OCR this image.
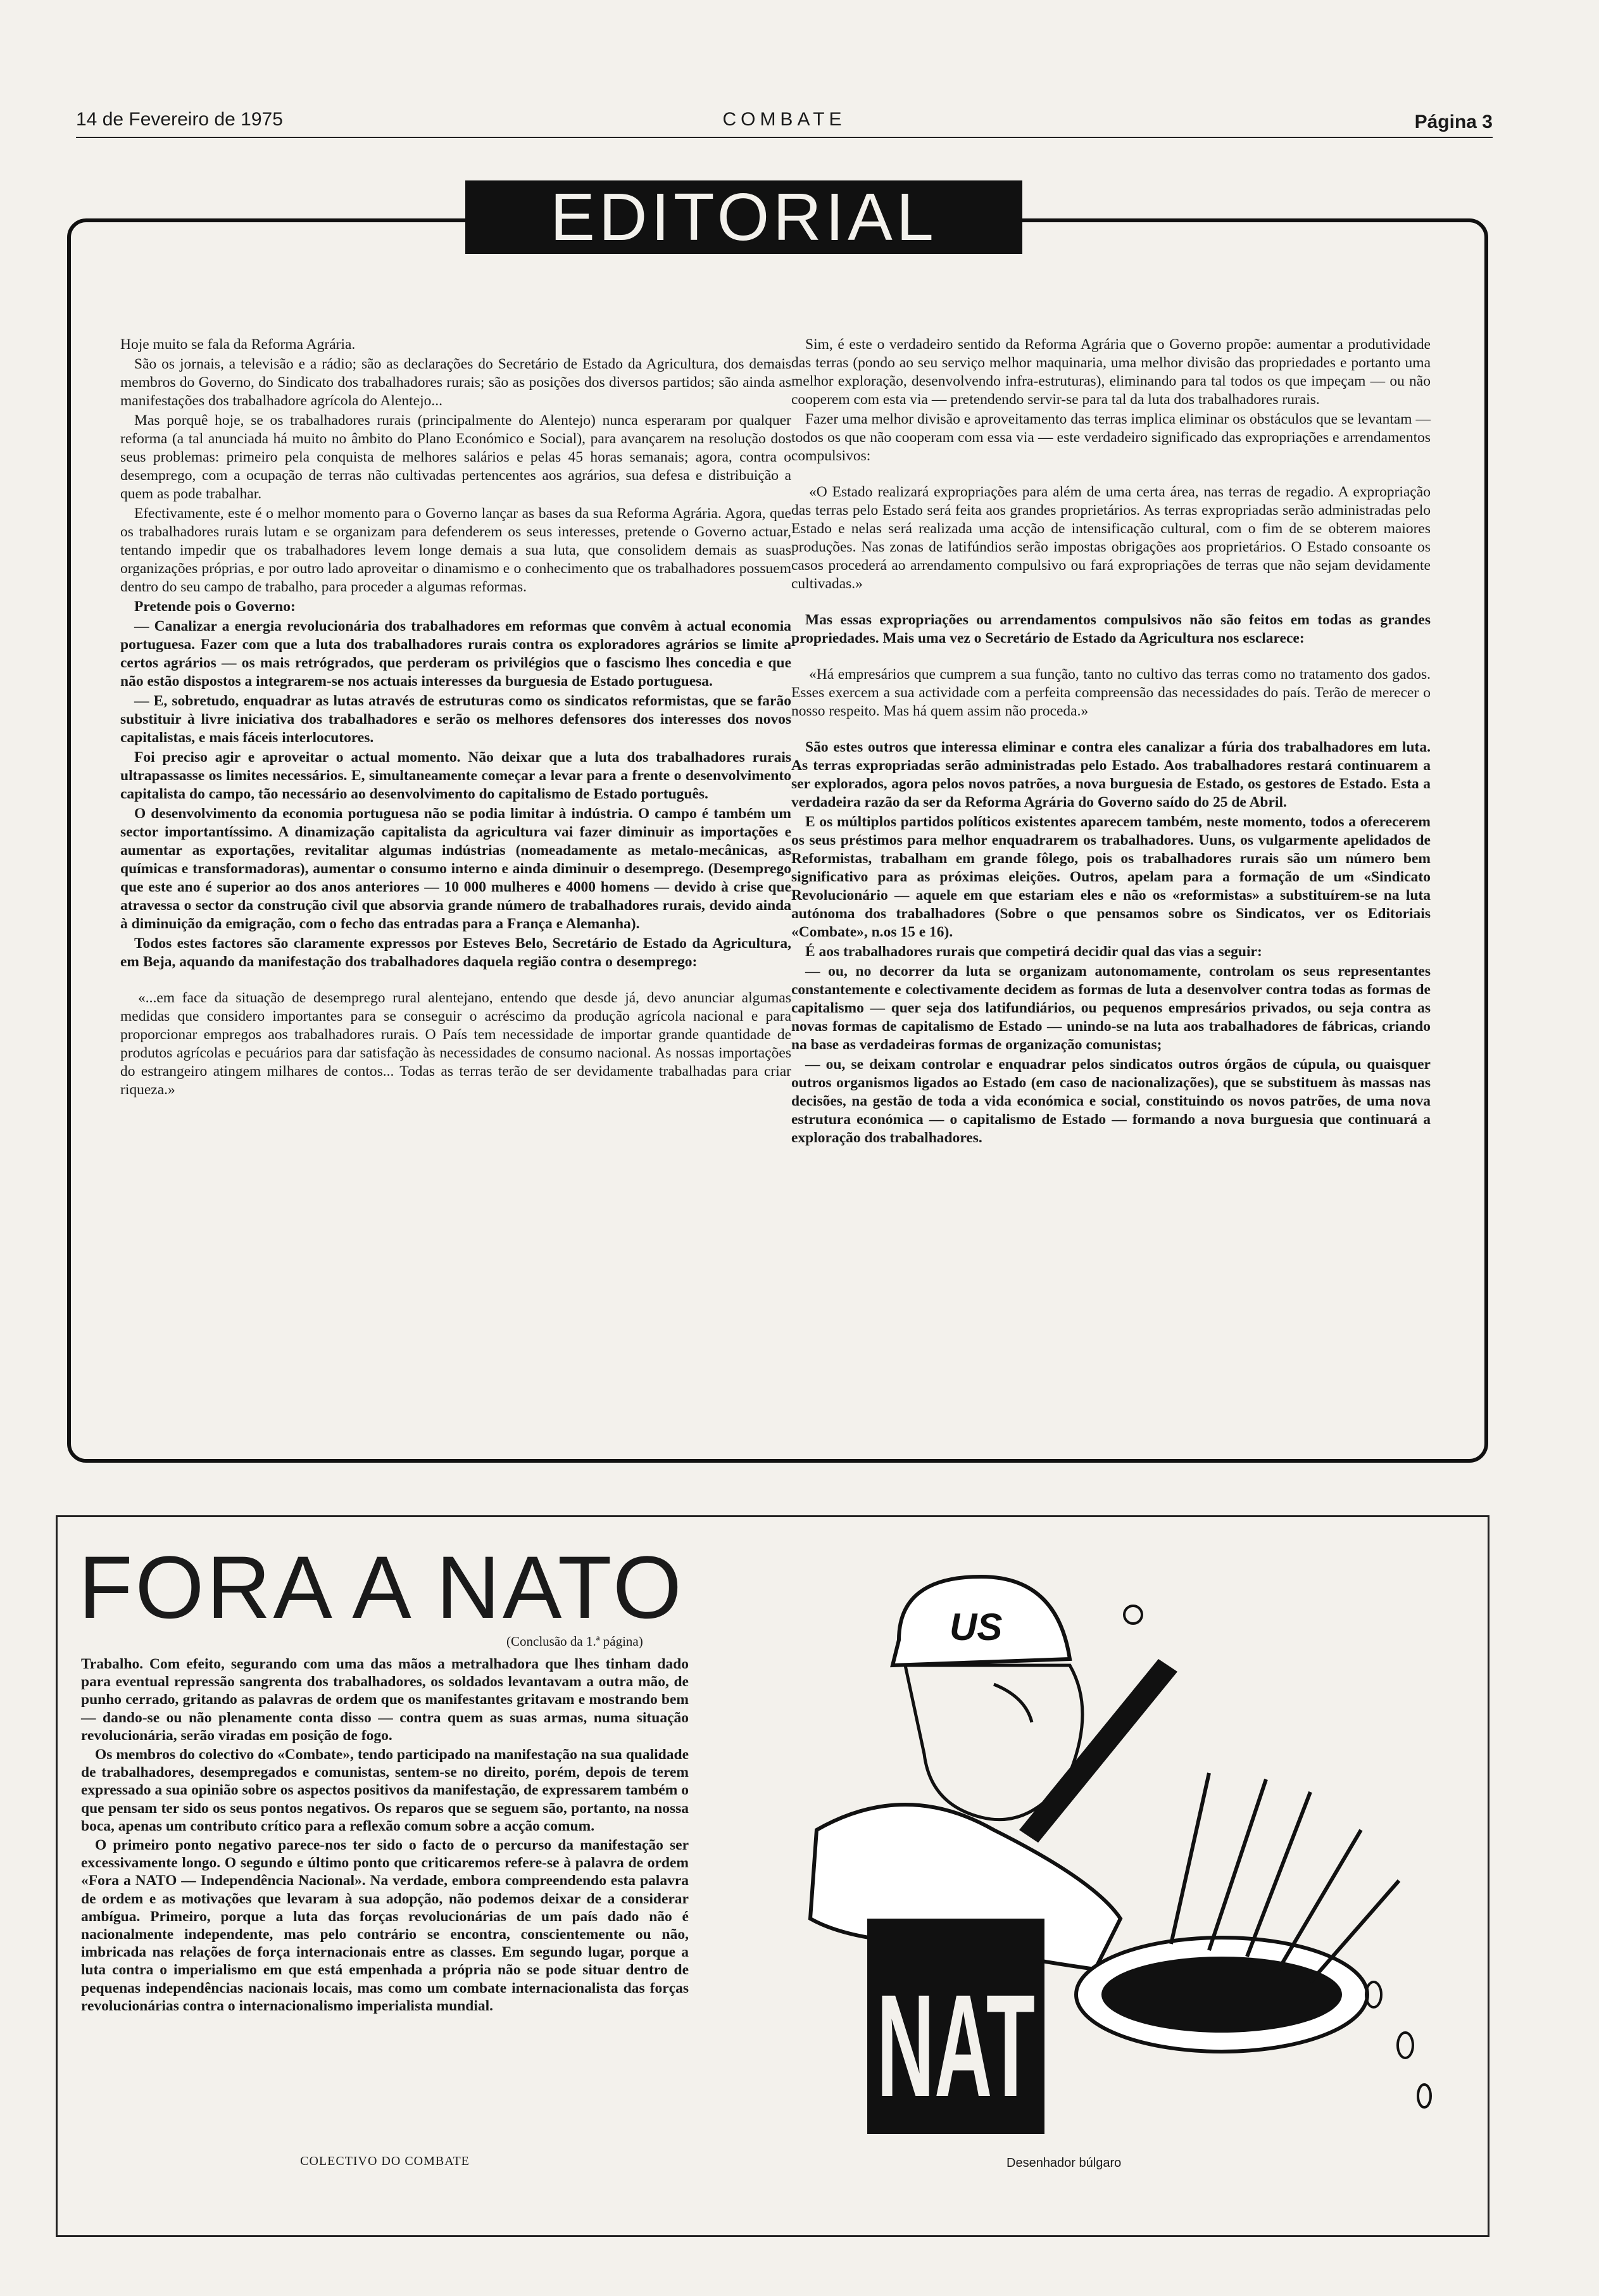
14 de Fevereiro de 1975	COMBATE	Página 3
EDITORIAL

Hoje muito se fala da Reforma Agrária.

São os jornais, a televisão e a rádio; são as declarações do Secretário de Estado da Agricultura, dos demais membros do Governo, do Sindicato dos trabalhadores rurais; são as posições dos diversos partidos; são ainda as manifestações dos trabalhadore agrícola do Alentejo...

Mas porquê hoje, se os trabalhadores rurais (principalmente do Alentejo) nunca esperaram por qualquer reforma (a tal anunciada há muito no âmbito do Plano Económico e Social), para avançarem na resolução dos seus problemas: primeiro pela conquista de melhores salários e pelas 45 horas semanais; agora, contra o desemprego, com a ocupação de terras não cultivadas pertencentes aos agrários, sua defesa e distribuição a quem as pode trabalhar.

Efectivamente, este é o melhor momento para o Governo lançar as bases da sua Reforma Agrária. Agora, que os trabalhadores rurais lutam e se organizam para defenderem os seus interesses, pretende o Governo actuar, tentando impedir que os trabalhadores levem longe demais a sua luta, que consolidem demais as suas organizações próprias, e por outro lado aproveitar o dinamismo e o conhecimento que os trabalhadores possuem dentro do seu campo de trabalho, para proceder a algumas reformas.

Pretende pois o Governo:

— Canalizar a energia revolucionária dos trabalhadores em reformas que convêm à actual economia portuguesa. Fazer com que a luta dos trabalhadores rurais contra os exploradores agrários se limite a certos agrários — os mais retrógrados, que perderam os privilégios que o fascismo lhes concedia e que não estão dispostos a integrarem-se nos actuais interesses da burguesia de Estado portuguesa.

— E, sobretudo, enquadrar as lutas através de estruturas como os sindicatos reformistas, que se farão substituir à livre iniciativa dos trabalhadores e serão os melhores defensores dos interesses dos novos capitalistas, e mais fáceis interlocutores.

Foi preciso agir e aproveitar o actual momento. Não deixar que a luta dos trabalhadores rurais ultrapassasse os limites necessários. E, simultaneamente começar a levar para a frente o desenvolvimento capitalista do campo, tão necessário ao desenvolvimento do capitalismo de Estado português.

O desenvolvimento da economia portuguesa não se podia limitar à indústria. O campo é também um sector importantíssimo. A dinamização capitalista da agricultura vai fazer diminuir as importações e aumentar as exportações, revitalitar algumas indústrias (nomeadamente as metalo-mecânicas, as químicas e transformadoras), aumentar o consumo interno e ainda diminuir o desemprego. (Desemprego que este ano é superior ao dos anos anteriores — 10 000 mulheres e 4000 homens — devido à crise que atravessa o sector da construção civil que absorvia grande número de trabalhadores rurais, devido ainda à diminuição da emigração, com o fecho das entradas para a França e Alemanha).

Todos estes factores são claramente expressos por Esteves Belo, Secretário de Estado da Agricultura, em Beja, aquando da manifestação dos trabalhadores daquela região contra o desemprego:

«...em face da situação de desemprego rural alentejano, entendo que desde já, devo anunciar algumas medidas que considero importantes para se conseguir o acréscimo da produção agrícola nacional e para proporcionar empregos aos trabalhadores rurais. O País tem necessidade de importar grande quantidade de produtos agrícolas e pecuários para dar satisfação às necessidades de consumo nacional. As nossas importações do estrangeiro atingem milhares de contos... Todas as terras terão de ser devidamente trabalhadas para criar riqueza.»

Sim, é este o verdadeiro sentido da Reforma Agrária que o Governo propõe: aumentar a produtividade das terras (pondo ao seu serviço melhor maquinaria, uma melhor divisão das propriedades e portanto uma melhor exploração, desenvolvendo infra-estruturas), eliminando para tal todos os que impeçam — ou não cooperem com esta via — pretendendo servir-se para tal da luta dos trabalhadores rurais.

Fazer uma melhor divisão e aproveitamento das terras implica eliminar os obstáculos que se levantam — todos os que não cooperam com essa via — este verdadeiro significado das expropriações e arrendamentos compulsivos:

«O Estado realizará expropriações para além de uma certa área, nas terras de regadio. A expropriação das terras pelo Estado será feita aos grandes proprietários. As terras expropriadas serão administradas pelo Estado e nelas será realizada uma acção de intensificação cultural, com o fim de se obterem maiores produções. Nas zonas de latifúndios serão impostas obrigações aos proprietários. O Estado consoante os casos procederá ao arrendamento compulsivo ou fará expropriações de terras que não sejam devidamente cultivadas.»

Mas essas expropriações ou arrendamentos compulsivos não são feitos em todas as grandes propriedades. Mais uma vez o Secretário de Estado da Agricultura nos esclarece:

«Há empresários que cumprem a sua função, tanto no cultivo das terras como no tratamento dos gados. Esses exercem a sua actividade com a perfeita compreensão das necessidades do país. Terão de merecer o nosso respeito. Mas há quem assim não proceda.»

São estes outros que interessa eliminar e contra eles canalizar a fúria dos trabalhadores em luta. As terras expropriadas serão administradas pelo Estado. Aos trabalhadores restará continuarem a ser explorados, agora pelos novos patrões, a nova burguesia de Estado, os gestores de Estado. Esta a verdadeira razão da ser da Reforma Agrária do Governo saído do 25 de Abril.

E os múltiplos partidos políticos existentes aparecem também, neste momento, todos a oferecerem os seus préstimos para melhor enquadrarem os trabalhadores. Uuns, os vulgarmente apelidados de Reformistas, trabalham em grande fôlego, pois os trabalhadores rurais são um número bem significativo para as próximas eleições. Outros, apelam para a formação de um «Sindicato Revolucionário — aquele em que estariam eles e não os «reformistas» a substituírem-se na luta autónoma dos trabalhadores (Sobre o que pensamos sobre os Sindicatos, ver os Editoriais «Combate», n.os 15 e 16).

É aos trabalhadores rurais que competirá decidir qual das vias a seguir:

— ou, no decorrer da luta se organizam autonomamente, controlam os seus representantes constantemente e colectivamente decidem as formas de luta a desenvolver contra todas as formas de capitalismo — quer seja dos latifundiários, ou pequenos empresários privados, ou seja contra as novas formas de capitalismo de Estado — unindo-se na luta aos trabalhadores de fábricas, criando na base as verdadeiras formas de organização comunistas;

— ou, se deixam controlar e enquadrar pelos sindicatos outros órgãos de cúpula, ou quaisquer outros organismos ligados ao Estado (em caso de nacionalizações), que se substituem às massas nas decisões, na gestão de toda a vida económica e social, constituindo os novos patrões, de uma nova estrutura económica — o capitalismo de Estado — formando a nova burguesia que continuará a exploração dos trabalhadores.

FORA A NATO
(Conclusão da 1.ª página)

Trabalho. Com efeito, segurando com uma das mãos a metralhadora que lhes tinham dado para eventual repressão sangrenta dos trabalhadores, os soldados levantavam a outra mão, de punho cerrado, gritando as palavras de ordem que os manifestantes gritavam e mostrando bem — dando-se ou não plenamente conta disso — contra quem as suas armas, numa situação revolucionária, serão viradas em posição de fogo.

Os membros do colectivo do «Combate», tendo participado na manifestação na sua qualidade de trabalhadores, desempregados e comunistas, sentem-se no direito, porém, depois de terem expressado a sua opinião sobre os aspectos positivos da manifestação, de expressarem também o que pensam ter sido os seus pontos negativos. Os reparos que se seguem são, portanto, na nossa boca, apenas um contributo crítico para a reflexão comum sobre a acção comum.

O primeiro ponto negativo parece-nos ter sido o facto de o percurso da manifestação ser excessivamente longo. O segundo e último ponto que criticaremos refere-se à palavra de ordem «Fora a NATO — Independência Nacional». Na verdade, embora compreendendo esta palavra de ordem e as motivações que levaram à sua adopção, não podemos deixar de a considerar ambígua. Primeiro, porque a luta das forças revolucionárias de um país dado não é nacionalmente independente, mas pelo contrário se encontra, conscientemente ou não, imbricada nas relações de força internacionais entre as classes. Em segundo lugar, porque a luta contra o imperialismo em que está empenhada a própria não se pode situar dentro de pequenas independências nacionais locais, mas como um combate internacionalista das forças revolucionárias contra o internacionalismo imperialista mundial.

COLECTIVO DO COMBATE
US
NAT
Desenhador búlgaro
